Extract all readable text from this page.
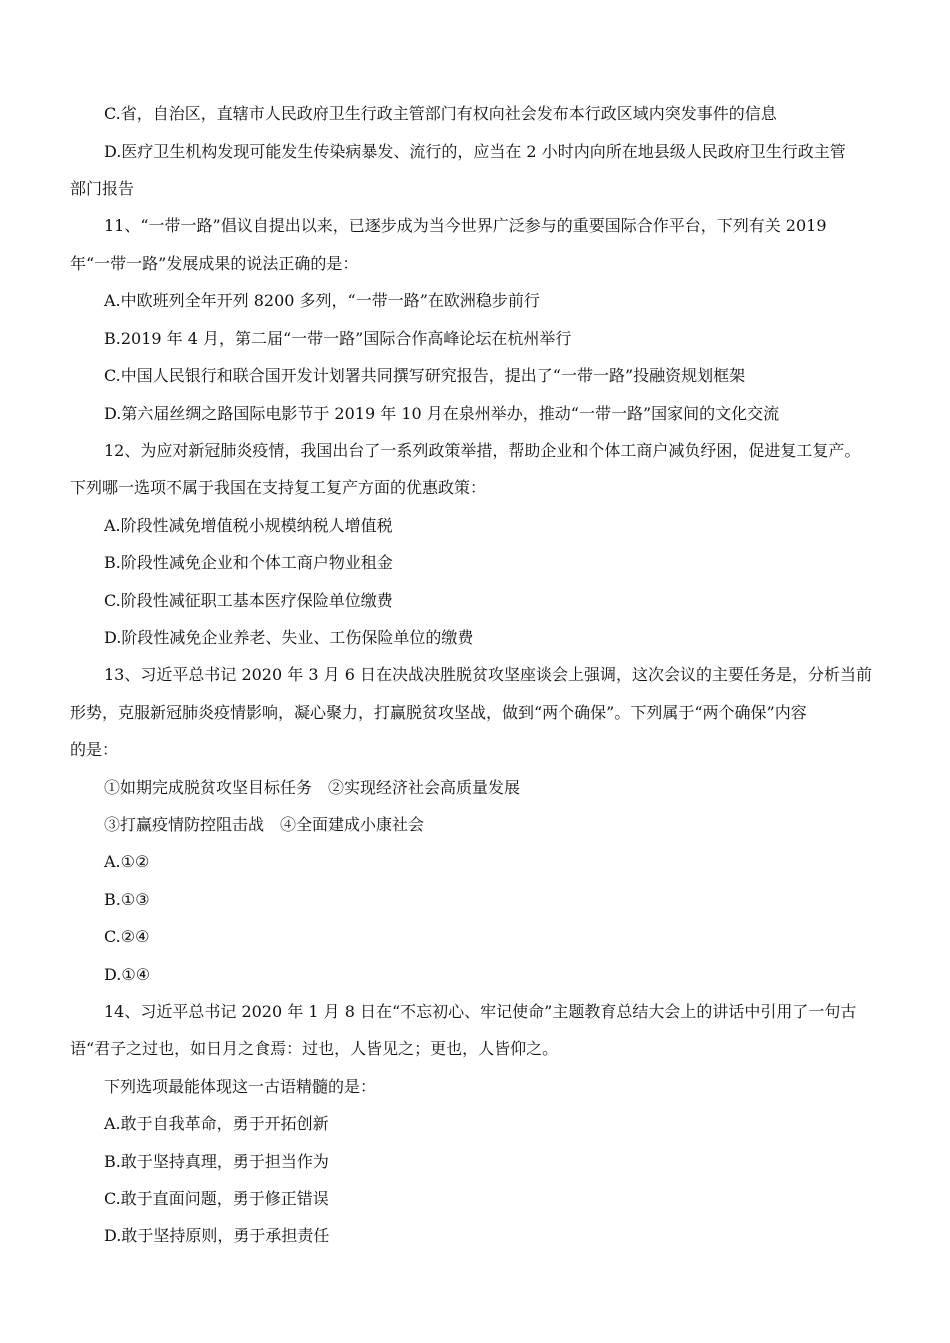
C.省，自治区，直辖市人民政府卫生行政主管部门有权向社会发布本行政区域内突发事件的信息
D.医疗卫生机构发现可能发生传染病暴发、流行的，应当在 2 小时内向所在地县级人民政府卫生行政主管
部门报告
11、“一带一路”倡议自提出以来，已逐步成为当今世界广泛参与的重要国际合作平台，下列有关 2019
年“一带一路”发展成果的说法正确的是：
A.中欧班列全年开列 8200 多列，“一带一路”在欧洲稳步前行
B.2019 年 4 月，第二届“一带一路”国际合作高峰论坛在杭州举行
C.中国人民银行和联合国开发计划署共同撰写研究报告，提出了“一带一路”投融资规划框架
D.第六届丝绸之路国际电影节于 2019 年 10 月在泉州举办，推动“一带一路”国家间的文化交流
12、为应对新冠肺炎疫情，我国出台了一系列政策举措，帮助企业和个体工商户减负纾困，促进复工复产。
下列哪一选项不属于我国在支持复工复产方面的优惠政策：
A.阶段性减免增值税小规模纳税人增值税
B.阶段性减免企业和个体工商户物业租金
C.阶段性减征职工基本医疗保险单位缴费
D.阶段性减免企业养老、失业、工伤保险单位的缴费
13、习近平总书记 2020 年 3 月 6 日在决战决胜脱贫攻坚座谈会上强调，这次会议的主要任务是，分析当前
形势，克服新冠肺炎疫情影响，凝心聚力，打赢脱贫攻坚战，做到“两个确保”。下列属于“两个确保”内容
的是：
①如期完成脱贫攻坚目标任务　②实现经济社会高质量发展
③打赢疫情防控阻击战　④全面建成小康社会
A.①②
B.①③
C.②④
D.①④
14、习近平总书记 2020 年 1 月 8 日在“不忘初心、牢记使命”主题教育总结大会上的讲话中引用了一句古
语“君子之过也，如日月之食焉：过也，人皆见之；更也，人皆仰之。
下列选项最能体现这一古语精髓的是：
A.敢于自我革命，勇于开拓创新
B.敢于坚持真理，勇于担当作为
C.敢于直面问题，勇于修正错误
D.敢于坚持原则，勇于承担责任
